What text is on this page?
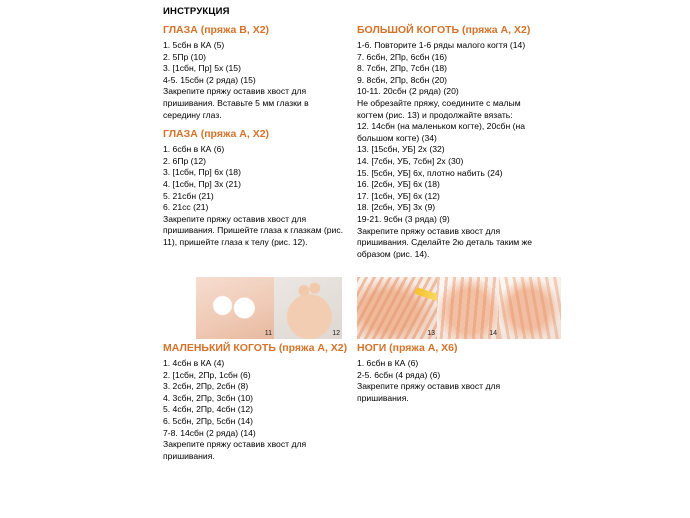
ИНСТРУКЦИЯ
ГЛАЗА (пряжа B, X2)
1. 5сбн в КА (5)
2. 5Пр (10)
3. [1сбн, Пр] 5х (15)
4-5. 15сбн (2 ряда) (15)
Закрепите пряжу оставив хвост для
пришивания. Вставьте 5 мм глазки в
середину глаз.
ГЛАЗА (пряжа A, X2)
1. 6сбн в КА (6)
2. 6Пр (12)
3. [1сбн, Пр] 6х (18)
4. [1сбн, Пр] 3х (21)
5. 21сбн (21)
6. 21сс (21)
Закрепите пряжу оставив хвост для
пришивания. Пришейте глаза к глазкам (рис.
11), пришейте глаза к телу (рис. 12).
БОЛЬШОЙ КОГОТЬ (пряжа A, X2)
1-6. Повторите 1-6 ряды малого когтя (14)
7. 6сбн, 2Пр, 6сбн (16)
8. 7сбн, 2Пр, 7сбн (18)
9. 8сбн, 2Пр, 8сбн (20)
10-11. 20сбн (2 ряда) (20)
Не обрезайте пряжу, соедините с малым
когтем (рис. 13) и продолжайте вязать:
12. 14сбн (на маленьком когте), 20сбн (на
большом когте) (34)
13. [15сбн, УБ] 2х (32)
14. [7сбн, УБ, 7сбн] 2х (30)
15. [5сбн, УБ] 6х, плотно набить (24)
16. [2сбн, УБ] 6х (18)
17. [1сбн, УБ] 6х (12)
18. [2сбн, УБ] 3х (9)
19-21. 9сбн (3 ряда) (9)
Закрепите пряжу оставив хвост для
пришивания. Сделайте 2ю деталь таким же
образом (рис. 14).
11	12	13	14
МАЛЕНЬКИЙ КОГОТЬ (пряжа A, X2)
1. 4сбн в КА (4)
2. [1сбн, 2Пр, 1сбн (6)
3. 2сбн, 2Пр, 2сбн (8)
4. 3сбн, 2Пр, 3сбн (10)
5. 4сбн, 2Пр, 4сбн (12)
6. 5сбн, 2Пр, 5сбн (14)
7-8. 14сбн (2 ряда) (14)
Закрепите пряжу оставив хвост для
пришивания.
НОГИ (пряжа A, X6)
1. 6сбн в КА (6)
2-5. 6сбн (4 ряда) (6)
Закрепите пряжу оставив хвост для
пришивания.
